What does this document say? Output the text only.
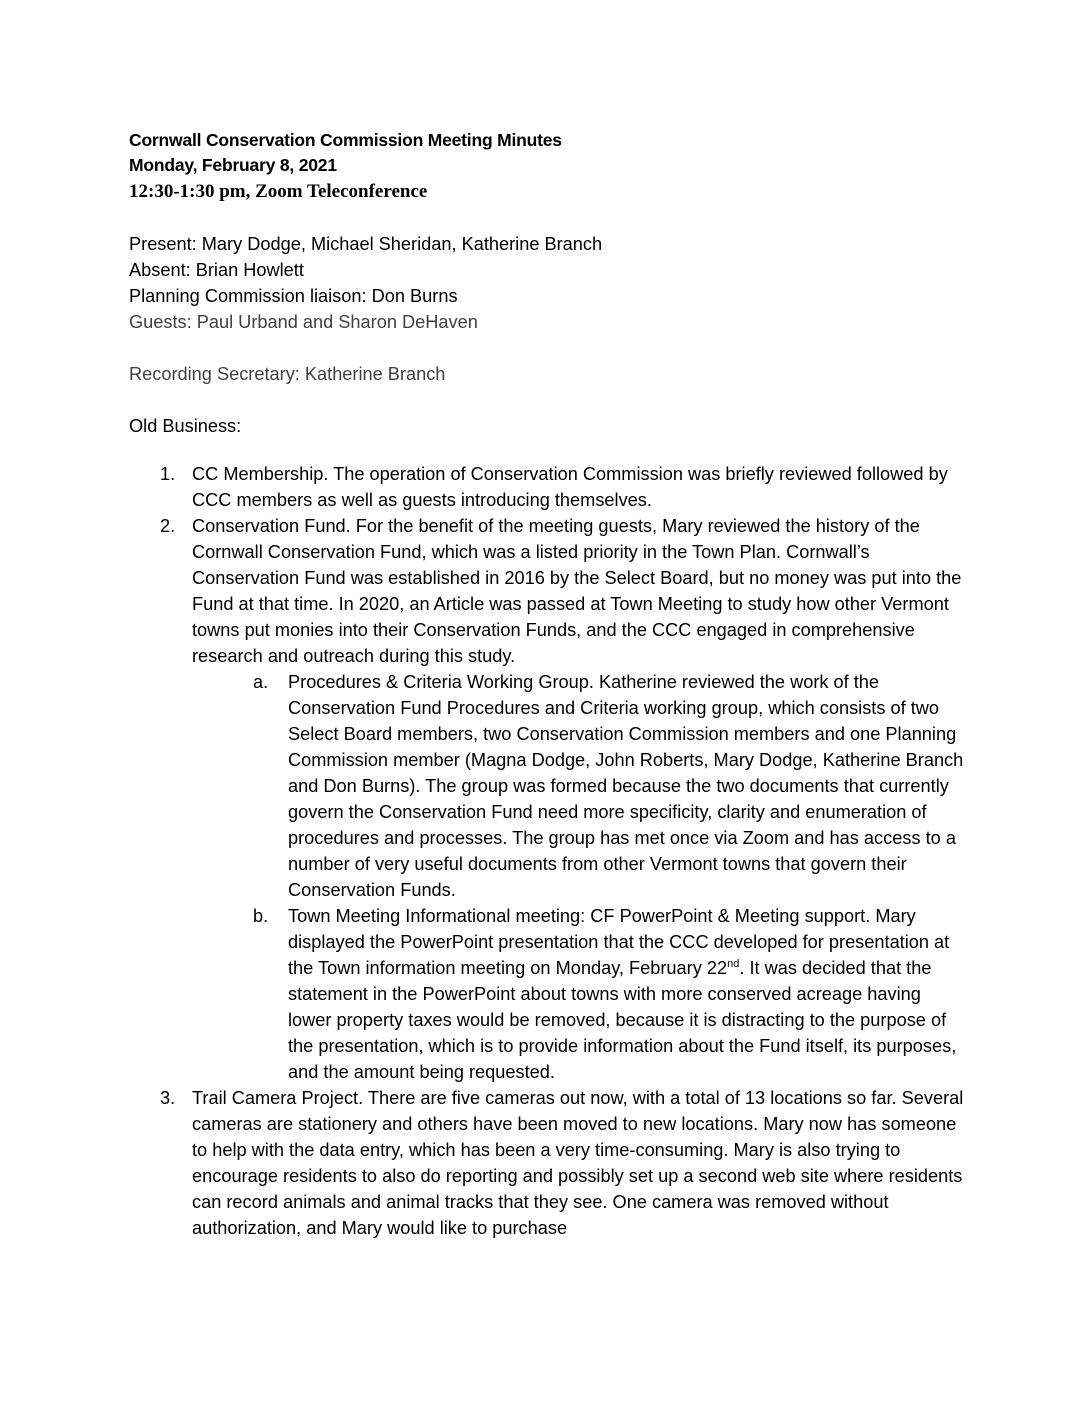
Cornwall Conservation Commission Meeting Minutes
Monday, February 8, 2021
12:30-1:30 pm, Zoom Teleconference
Present: Mary Dodge, Michael Sheridan, Katherine Branch
Absent: Brian Howlett
Planning Commission liaison: Don Burns
Guests: Paul Urband and Sharon DeHaven
Recording Secretary: Katherine Branch
Old Business:
1. CC Membership. The operation of Conservation Commission was briefly reviewed followed by CCC members as well as guests introducing themselves.
2. Conservation Fund. For the benefit of the meeting guests, Mary reviewed the history of the Cornwall Conservation Fund, which was a listed priority in the Town Plan. Cornwall’s Conservation Fund was established in 2016 by the Select Board, but no money was put into the Fund at that time. In 2020, an Article was passed at Town Meeting to study how other Vermont towns put monies into their Conservation Funds, and the CCC engaged in comprehensive research and outreach during this study.
a. Procedures & Criteria Working Group. Katherine reviewed the work of the Conservation Fund Procedures and Criteria working group, which consists of two Select Board members, two Conservation Commission members and one Planning Commission member (Magna Dodge, John Roberts, Mary Dodge, Katherine Branch and Don Burns). The group was formed because the two documents that currently govern the Conservation Fund need more specificity, clarity and enumeration of procedures and processes. The group has met once via Zoom and has access to a number of very useful documents from other Vermont towns that govern their Conservation Funds.
b. Town Meeting Informational meeting: CF PowerPoint & Meeting support. Mary displayed the PowerPoint presentation that the CCC developed for presentation at the Town information meeting on Monday, February 22nd. It was decided that the statement in the PowerPoint about towns with more conserved acreage having lower property taxes would be removed, because it is distracting to the purpose of the presentation, which is to provide information about the Fund itself, its purposes, and the amount being requested.
3. Trail Camera Project. There are five cameras out now, with a total of 13 locations so far. Several cameras are stationery and others have been moved to new locations. Mary now has someone to help with the data entry, which has been a very time-consuming. Mary is also trying to encourage residents to also do reporting and possibly set up a second web site where residents can record animals and animal tracks that they see. One camera was removed without authorization, and Mary would like to purchase
